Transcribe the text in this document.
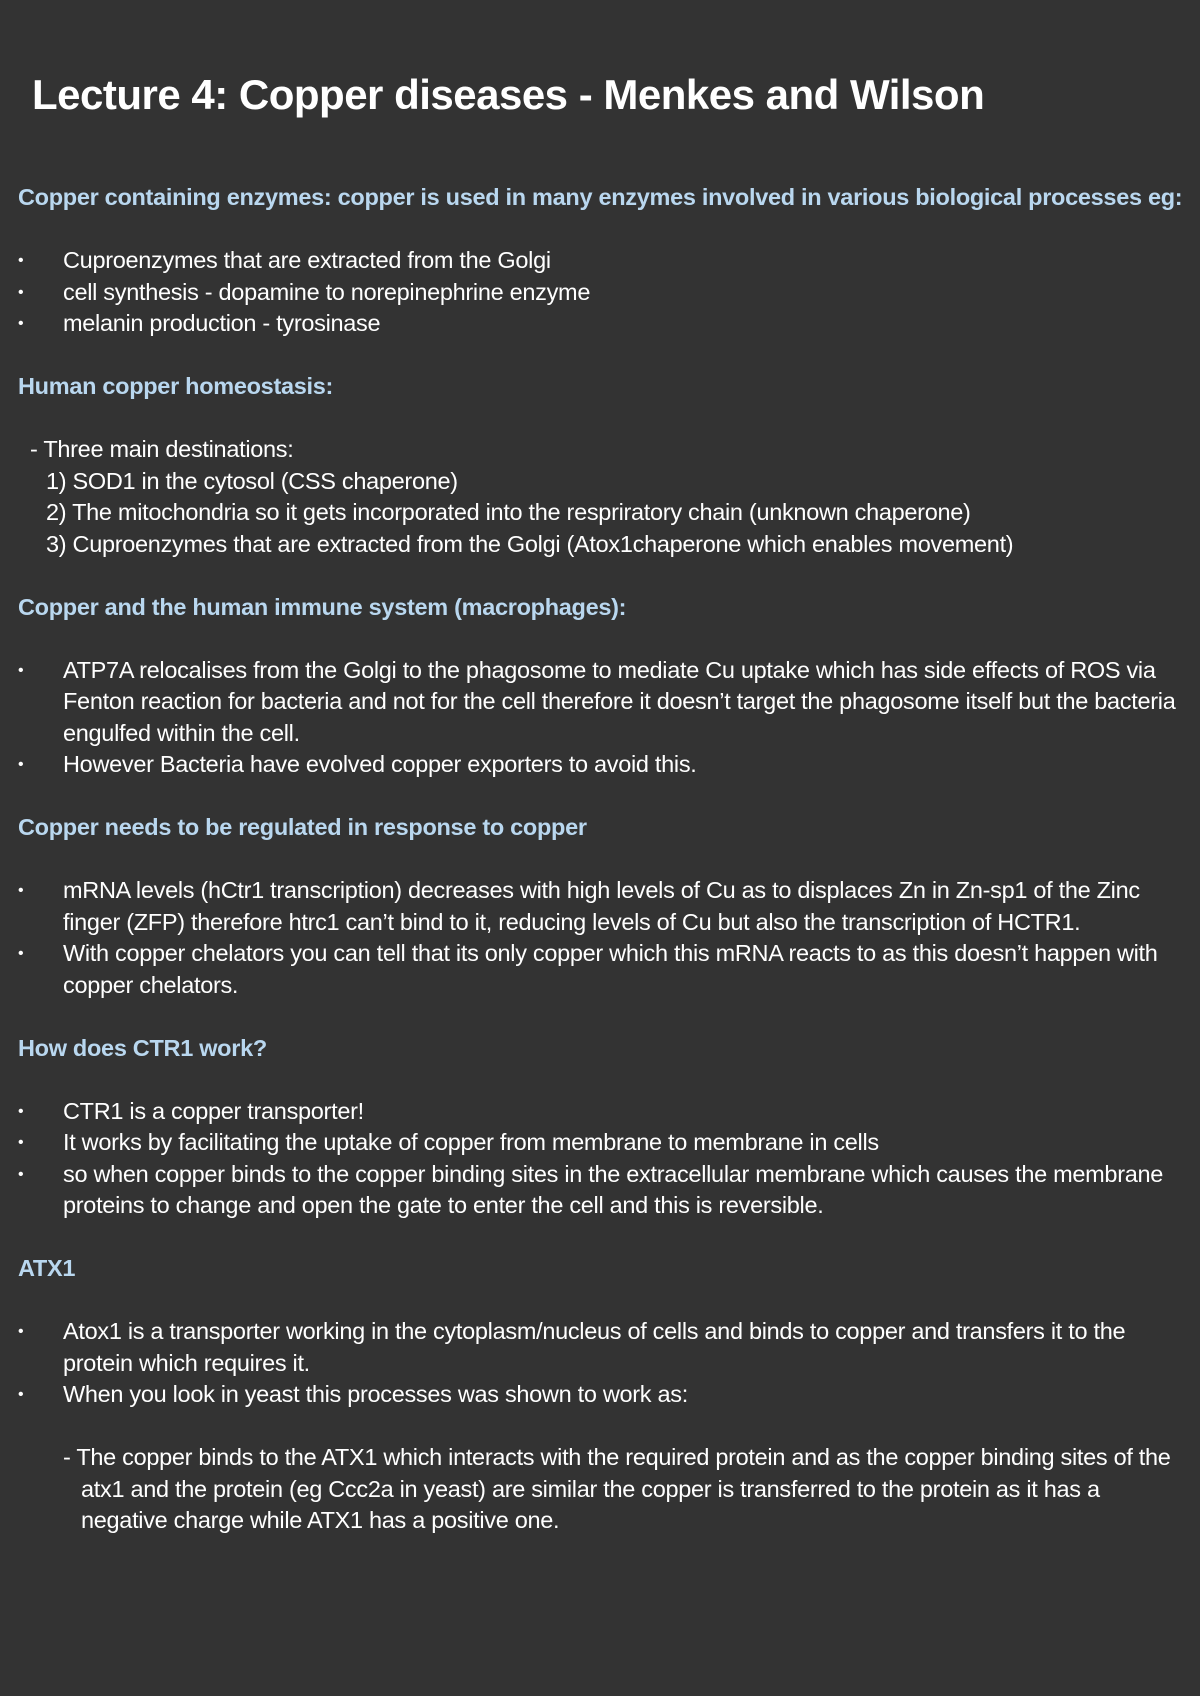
Lecture 4: Copper diseases - Menkes and Wilson

Copper containing enzymes: copper is used in many enzymes involved in various biological processes eg:

• Cuproenzymes that are extracted from the Golgi
• cell synthesis - dopamine to norepinephrine enzyme
• melanin production - tyrosinase

Human copper homeostasis:

- Three main destinations:

1) SOD1 in the cytosol (CSS chaperone)

2) The mitochondria so it gets incorporated into the respriratory chain (unknown chaperone)

3) Cuproenzymes that are extracted from the Golgi (Atox1chaperone which enables movement)

Copper and the human immune system (macrophages):

• ATP7A relocalises from the Golgi to the phagosome to mediate Cu uptake which has side effects of ROS via Fenton reaction for bacteria and not for the cell therefore it doesn’t target the phagosome itself but the bacteria engulfed within the cell.
• However Bacteria have evolved copper exporters to avoid this.

Copper needs to be regulated in response to copper

• mRNA levels (hCtr1 transcription) decreases with high levels of Cu as to displaces Zn in Zn-sp1 of the Zinc finger (ZFP) therefore htrc1 can’t bind to it, reducing levels of Cu but also the transcription of HCTR1.
• With copper chelators you can tell that its only copper which this mRNA reacts to as this doesn’t happen with copper chelators.

How does CTR1 work?

• CTR1 is a copper transporter!
• It works by facilitating the uptake of copper from membrane to membrane in cells
• so when copper binds to the copper binding sites in the extracellular membrane which causes the membrane proteins to change and open the gate to enter the cell and this is reversible.

ATX1

• Atox1 is a transporter working in the cytoplasm/nucleus of cells and binds to copper and transfers it to the protein which requires it.
• When you look in yeast this processes was shown to work as:

- The copper binds to the ATX1 which interacts with the required protein and as the copper binding sites of the atx1 and the protein (eg Ccc2a in yeast) are similar the copper is transferred to the protein as it has a negative charge while ATX1 has a positive one.
